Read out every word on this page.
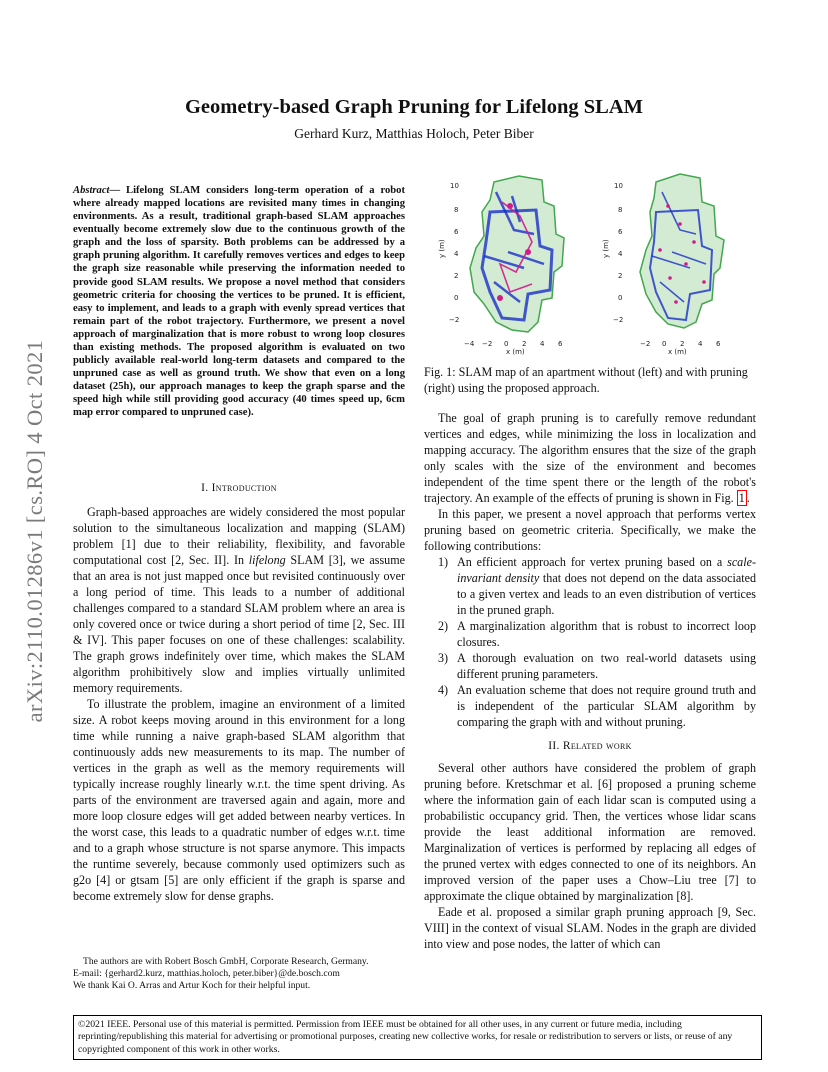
arXiv:2110.01286v1 [cs.RO] 4 Oct 2021
Geometry-based Graph Pruning for Lifelong SLAM
Gerhard Kurz, Matthias Holoch, Peter Biber
Abstract— Lifelong SLAM considers long-term operation of a robot where already mapped locations are revisited many times in changing environments. As a result, traditional graph-based SLAM approaches eventually become extremely slow due to the continuous growth of the graph and the loss of sparsity. Both problems can be addressed by a graph pruning algorithm. It carefully removes vertices and edges to keep the graph size reasonable while preserving the information needed to provide good SLAM results. We propose a novel method that considers geometric criteria for choosing the vertices to be pruned. It is efficient, easy to implement, and leads to a graph with evenly spread vertices that remain part of the robot trajectory. Furthermore, we present a novel approach of marginalization that is more robust to wrong loop closures than existing methods. The proposed algorithm is evaluated on two publicly available real-world long-term datasets and compared to the unpruned case as well as ground truth. We show that even on a long dataset (25h), our approach manages to keep the graph sparse and the speed high while still providing good accuracy (40 times speed up, 6cm map error compared to unpruned case).
I. Introduction

Graph-based approaches are widely considered the most popular solution to the simultaneous localization and mapping (SLAM) problem [1] due to their reliability, flexibility, and favorable computational cost [2, Sec. II]. In lifelong SLAM [3], we assume that an area is not just mapped once but revisited continuously over a long period of time. This leads to a number of additional challenges compared to a standard SLAM problem where an area is only covered once or twice during a short period of time [2, Sec. III & IV]. This paper focuses on one of these challenges: scalability. The graph grows indefinitely over time, which makes the SLAM algorithm prohibitively slow and implies virtually unlimited memory requirements.

To illustrate the problem, imagine an environment of a limited size. A robot keeps moving around in this environment for a long time while running a naive graph-based SLAM algorithm that continuously adds new measurements to its map. The number of vertices in the graph as well as the memory requirements will typically increase roughly linearly w.r.t. the time spent driving. As parts of the environment are traversed again and again, more and more loop closure edges will get added between nearby vertices. In the worst case, this leads to a quadratic number of edges w.r.t. time and to a graph whose structure is not sparse anymore. This impacts the runtime severely, because commonly used optimizers such as g2o [4] or gtsam [5] are only efficient if the graph is sparse and become extremely slow for dense graphs.

The authors are with Robert Bosch GmbH, Corporate Research, Germany.
E-mail: {gerhard2.kurz, matthias.holoch, peter.biber}@de.bosch.com
We thank Kai O. Arras and Artur Koch for their helpful input.
10
8
6
4
2
0
−2
−4 −2 0 2 4 6
x (m)
y (m)
10
8
6
4
2
0
−2
−2 0 2 4 6
x (m)
y (m)
Fig. 1: SLAM map of an apartment without (left) and with pruning (right) using the proposed approach.

The goal of graph pruning is to carefully remove redundant vertices and edges, while minimizing the loss in localization and mapping accuracy. The algorithm ensures that the size of the graph only scales with the size of the environment and becomes independent of the time spent there or the length of the robot's trajectory. An example of the effects of pruning is shown in Fig. 1 .

In this paper, we present a novel approach that performs vertex pruning based on geometric criteria. Specifically, we make the following contributions:

1) An efficient approach for vertex pruning based on a scale-invariant density that does not depend on the data associated to a given vertex and leads to an even distribution of vertices in the pruned graph.
2) A marginalization algorithm that is robust to incorrect loop closures.
3) A thorough evaluation on two real-world datasets using different pruning parameters.
4) An evaluation scheme that does not require ground truth and is independent of the particular SLAM algorithm by comparing the graph with and without pruning.
II. Related work

Several other authors have considered the problem of graph pruning before. Kretschmar et al. [6] proposed a pruning scheme where the information gain of each lidar scan is computed using a probabilistic occupancy grid. Then, the vertices whose lidar scans provide the least additional information are removed. Marginalization of vertices is performed by replacing all edges of the pruned vertex with edges connected to one of its neighbors. An improved version of the paper uses a Chow–Liu tree [7] to approximate the clique obtained by marginalization [8].

Eade et al. proposed a similar graph pruning approach [9, Sec. VIII] in the context of visual SLAM. Nodes in the graph are divided into view and pose nodes, the latter of which can

©2021 IEEE. Personal use of this material is permitted. Permission from IEEE must be obtained for all other uses, in any current or future media, including reprinting/republishing this material for advertising or promotional purposes, creating new collective works, for resale or redistribution to servers or lists, or reuse of any copyrighted component of this work in other works.
